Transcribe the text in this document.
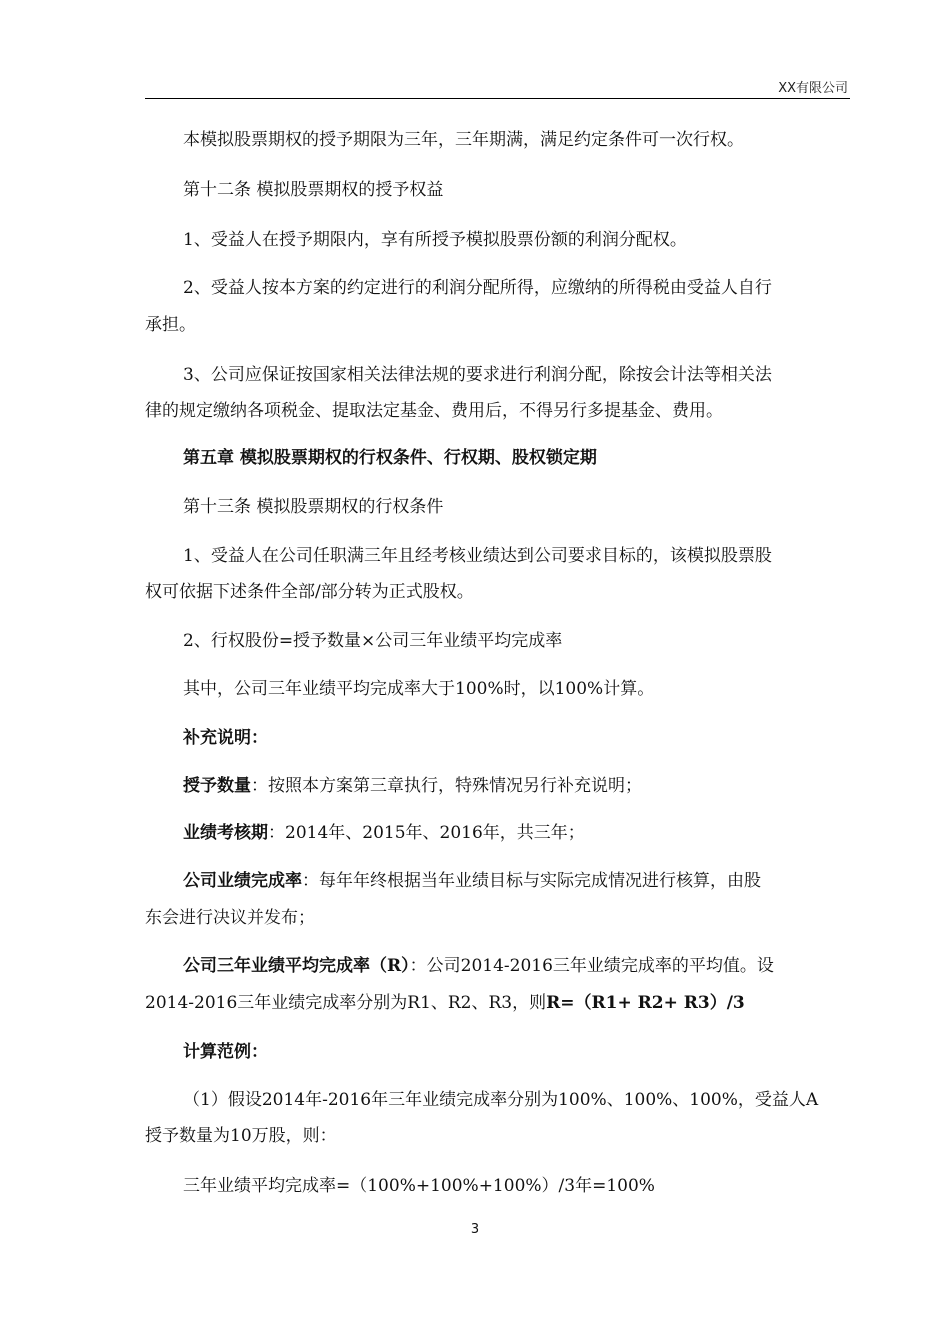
XX有限公司
本模拟股票期权的授予期限为三年，三年期满，满足约定条件可一次行权。
第十二条 模拟股票期权的授予权益
1、受益人在授予期限内，享有所授予模拟股票份额的利润分配权。
2、受益人按本方案的约定进行的利润分配所得，应缴纳的所得税由受益人自行
承担。
3、公司应保证按国家相关法律法规的要求进行利润分配，除按会计法等相关法
律的规定缴纳各项税金、提取法定基金、费用后，不得另行多提基金、费用。
第五章 模拟股票期权的行权条件、行权期、股权锁定期
第十三条 模拟股票期权的行权条件
1、受益人在公司任职满三年且经考核业绩达到公司要求目标的，该模拟股票股
权可依据下述条件全部/部分转为正式股权。
2、行权股份=授予数量×公司三年业绩平均完成率
其中，公司三年业绩平均完成率大于100%时，以100%计算。
补充说明：
授予数量：按照本方案第三章执行，特殊情况另行补充说明；
业绩考核期：2014年、2015年、2016年，共三年；
公司业绩完成率：每年年终根据当年业绩目标与实际完成情况进行核算，由股
东会进行决议并发布；
公司三年业绩平均完成率（R）：公司2014-2016三年业绩完成率的平均值。设
2014-2016三年业绩完成率分别为R1、R2、R3，则R=（R1+ R2+ R3）/3
计算范例：
（1）假设2014年-2016年三年业绩完成率分别为100%、100%、100%，受益人A
授予数量为10万股，则：
三年业绩平均完成率=（100%+100%+100%）/3年=100%
3
